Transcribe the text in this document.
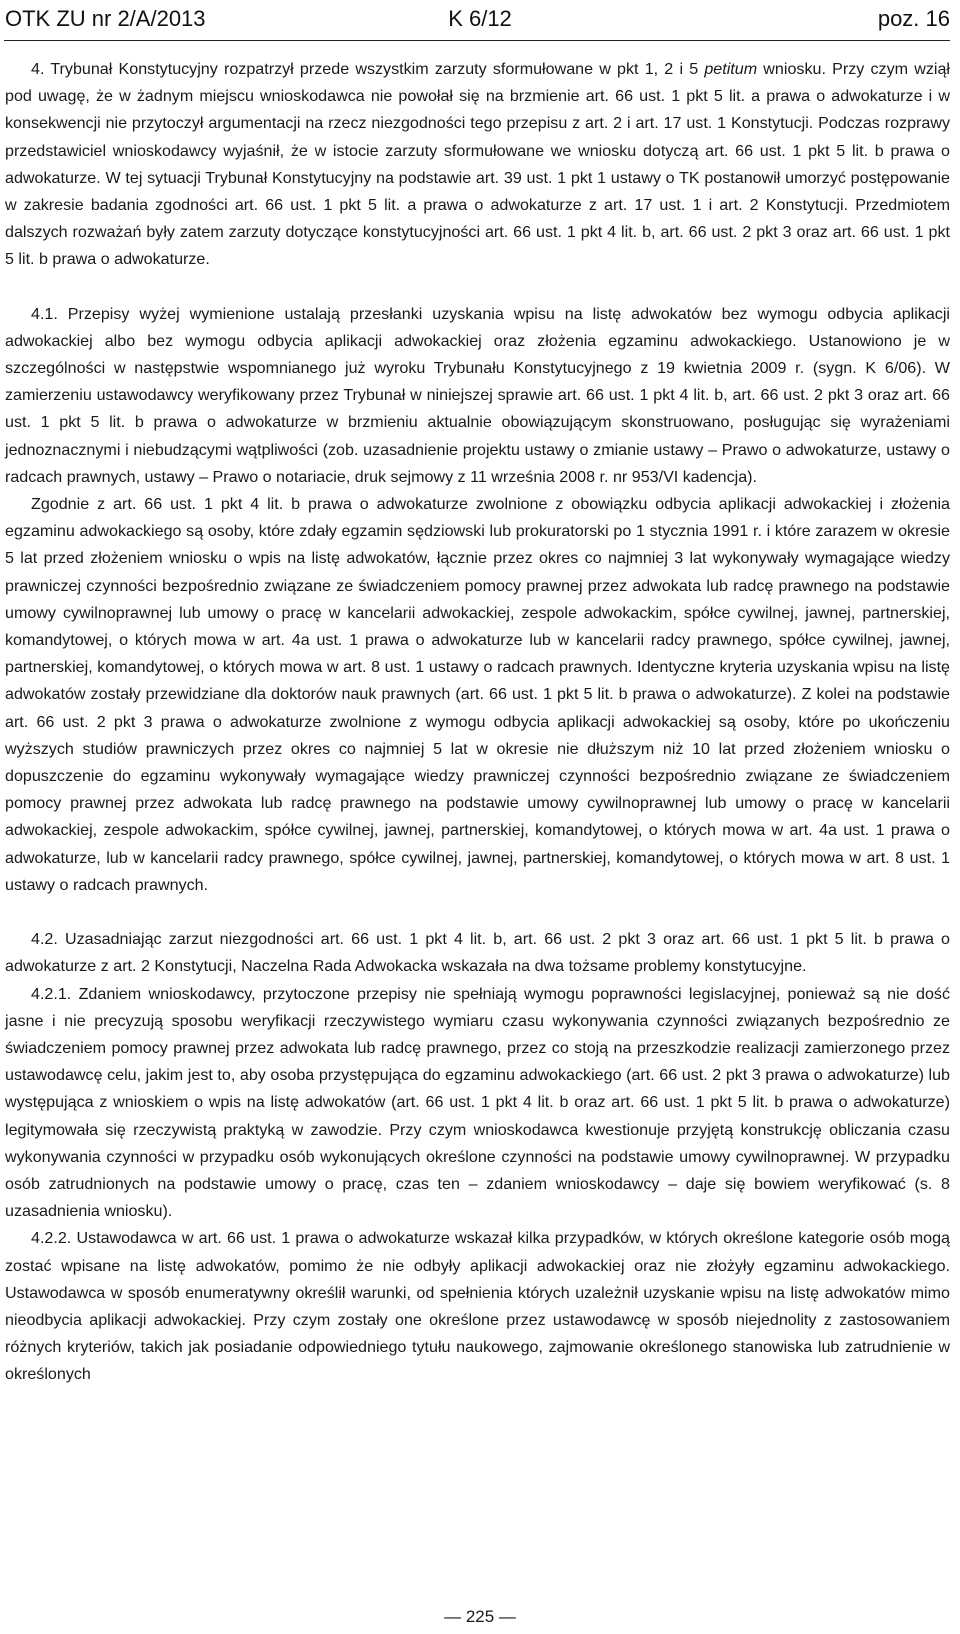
OTK ZU nr 2/A/2013	K 6/12	poz. 16

4. Trybunał Konstytucyjny rozpatrzył przede wszystkim zarzuty sformułowane w pkt 1, 2 i 5 petitum wniosku. Przy czym wziął pod uwagę, że w żadnym miejscu wnioskodawca nie powołał się na brzmienie art. 66 ust. 1 pkt 5 lit. a prawa o adwokaturze i w konsekwencji nie przytoczył argumentacji na rzecz niezgodności tego przepisu z art. 2 i art. 17 ust. 1 Konstytucji. Podczas rozprawy przedstawiciel wnioskodawcy wyjaśnił, że w istocie zarzuty sformułowane we wniosku dotyczą art. 66 ust. 1 pkt 5 lit. b prawa o adwokaturze. W tej sytuacji Trybunał Konstytucyjny na podstawie art. 39 ust. 1 pkt 1 ustawy o TK postanowił umorzyć postępowanie w zakresie badania zgodności art. 66 ust. 1 pkt 5 lit. a prawa o adwokaturze z art. 17 ust. 1 i art. 2 Konstytucji. Przedmiotem dalszych rozważań były zatem zarzuty dotyczące konstytucyjności art. 66 ust. 1 pkt 4 lit. b, art. 66 ust. 2 pkt 3 oraz art. 66 ust. 1 pkt 5 lit. b prawa o adwokaturze.

4.1. Przepisy wyżej wymienione ustalają przesłanki uzyskania wpisu na listę adwokatów bez wymogu odbycia aplikacji adwokackiej albo bez wymogu odbycia aplikacji adwokackiej oraz złożenia egzaminu adwokackiego. Ustanowiono je w szczególności w następstwie wspomnianego już wyroku Trybunału Konstytucyjnego z 19 kwietnia 2009 r. (sygn. K 6/06). W zamierzeniu ustawodawcy weryfikowany przez Trybunał w niniejszej sprawie art. 66 ust. 1 pkt 4 lit. b, art. 66 ust. 2 pkt 3 oraz art. 66 ust. 1 pkt 5 lit. b prawa o adwokaturze w brzmieniu aktualnie obowiązującym skonstruowano, posługując się wyrażeniami jednoznacznymi i niebudzącymi wątpliwości (zob. uzasadnienie projektu ustawy o zmianie ustawy – Prawo o adwokaturze, ustawy o radcach prawnych, ustawy – Prawo o notariacie, druk sejmowy z 11 września 2008 r. nr 953/VI kadencja).

Zgodnie z art. 66 ust. 1 pkt 4 lit. b prawa o adwokaturze zwolnione z obowiązku odbycia aplikacji adwokackiej i złożenia egzaminu adwokackiego są osoby, które zdały egzamin sędziowski lub prokuratorski po 1 stycznia 1991 r. i które zarazem w okresie 5 lat przed złożeniem wniosku o wpis na listę adwokatów, łącznie przez okres co najmniej 3 lat wykonywały wymagające wiedzy prawniczej czynności bezpośrednio związane ze świadczeniem pomocy prawnej przez adwokata lub radcę prawnego na podstawie umowy cywilnoprawnej lub umowy o pracę w kancelarii adwokackiej, zespole adwokackim, spółce cywilnej, jawnej, partnerskiej, komandytowej, o których mowa w art. 4a ust. 1 prawa o adwokaturze lub w kancelarii radcy prawnego, spółce cywilnej, jawnej, partnerskiej, komandytowej, o których mowa w art. 8 ust. 1 ustawy o radcach prawnych. Identyczne kryteria uzyskania wpisu na listę adwokatów zostały przewidziane dla doktorów nauk prawnych (art. 66 ust. 1 pkt 5 lit. b prawa o adwokaturze). Z kolei na podstawie art. 66 ust. 2 pkt 3 prawa o adwokaturze zwolnione z wymogu odbycia aplikacji adwokackiej są osoby, które po ukończeniu wyższych studiów prawniczych przez okres co najmniej 5 lat w okresie nie dłuższym niż 10 lat przed złożeniem wniosku o dopuszczenie do egzaminu wykonywały wymagające wiedzy prawniczej czynności bezpośrednio związane ze świadczeniem pomocy prawnej przez adwokata lub radcę prawnego na podstawie umowy cywilnoprawnej lub umowy o pracę w kancelarii adwokackiej, zespole adwokackim, spółce cywilnej, jawnej, partnerskiej, komandytowej, o których mowa w art. 4a ust. 1 prawa o adwokaturze, lub w kancelarii radcy prawnego, spółce cywilnej, jawnej, partnerskiej, komandytowej, o których mowa w art. 8 ust. 1 ustawy o radcach prawnych.

4.2. Uzasadniając zarzut niezgodności art. 66 ust. 1 pkt 4 lit. b, art. 66 ust. 2 pkt 3 oraz art. 66 ust. 1 pkt 5 lit. b prawa o adwokaturze z art. 2 Konstytucji, Naczelna Rada Adwokacka wskazała na dwa tożsame problemy konstytucyjne.

4.2.1. Zdaniem wnioskodawcy, przytoczone przepisy nie spełniają wymogu poprawności legislacyjnej, ponieważ są nie dość jasne i nie precyzują sposobu weryfikacji rzeczywistego wymiaru czasu wykonywania czynności związanych bezpośrednio ze świadczeniem pomocy prawnej przez adwokata lub radcę prawnego, przez co stoją na przeszkodzie realizacji zamierzonego przez ustawodawcę celu, jakim jest to, aby osoba przystępująca do egzaminu adwokackiego (art. 66 ust. 2 pkt 3 prawa o adwokaturze) lub występująca z wnioskiem o wpis na listę adwokatów (art. 66 ust. 1 pkt 4 lit. b oraz art. 66 ust. 1 pkt 5 lit. b prawa o adwokaturze) legitymowała się rzeczywistą praktyką w zawodzie. Przy czym wnioskodawca kwestionuje przyjętą konstrukcję obliczania czasu wykonywania czynności w przypadku osób wykonujących określone czynności na podstawie umowy cywilnoprawnej. W przypadku osób zatrudnionych na podstawie umowy o pracę, czas ten – zdaniem wnioskodawcy – daje się bowiem weryfikować (s. 8 uzasadnienia wniosku).

4.2.2. Ustawodawca w art. 66 ust. 1 prawa o adwokaturze wskazał kilka przypadków, w których określone kategorie osób mogą zostać wpisane na listę adwokatów, pomimo że nie odbyły aplikacji adwokackiej oraz nie złożyły egzaminu adwokackiego. Ustawodawca w sposób enumeratywny określił warunki, od spełnienia których uzależnił uzyskanie wpisu na listę adwokatów mimo nieodbycia aplikacji adwokackiej. Przy czym zostały one określone przez ustawodawcę w sposób niejednolity z zastosowaniem różnych kryteriów, takich jak posiadanie odpowiedniego tytułu naukowego, zajmowanie określonego stanowiska lub zatrudnienie w określonych

— 225 —
